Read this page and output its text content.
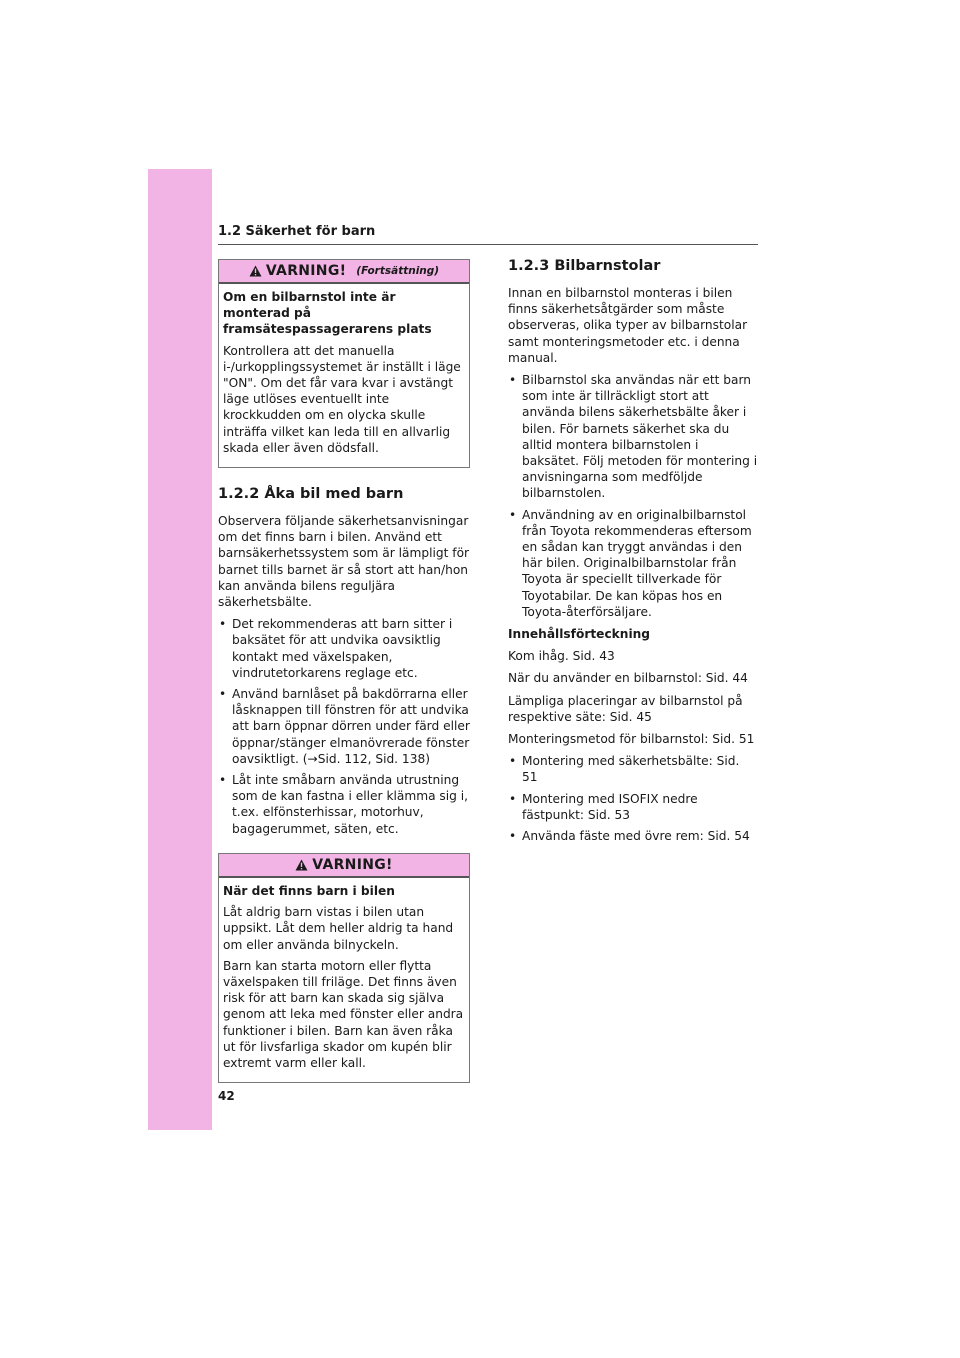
1.2 Säkerhet för barn
VARNING! (Fortsättning)

Om en bilbarnstol inte är monterad på framsätespassagerarens plats

Kontrollera att det manuella i-/urkopplingssystemet är inställt i läge "ON". Om det får vara kvar i avstängt läge utlöses eventuellt inte krockkudden om en olycka skulle inträffa vilket kan leda till en allvarlig skada eller även dödsfall.

1.2.2 Åka bil med barn

Observera följande säkerhetsanvisningar om det finns barn i bilen. Använd ett barnsäkerhetssystem som är lämpligt för barnet tills barnet är så stort att han/hon kan använda bilens reguljära säkerhetsbälte.

• Det rekommenderas att barn sitter i baksätet för att undvika oavsiktlig kontakt med växelspaken, vindrutetorkarens reglage etc.
• Använd barnlåset på bakdörrarna eller låsknappen till fönstren för att undvika att barn öppnar dörren under färd eller öppnar/stänger elmanövrerade fönster oavsiktligt. (→Sid. 112, Sid. 138)
• Låt inte småbarn använda utrustning som de kan fastna i eller klämma sig i, t.ex. elfönsterhissar, motorhuv, bagagerummet, säten, etc.
VARNING!

När det finns barn i bilen

Låt aldrig barn vistas i bilen utan uppsikt. Låt dem heller aldrig ta hand om eller använda bilnyckeln.

Barn kan starta motorn eller flytta växelspaken till friläge. Det finns även risk för att barn kan skada sig själva genom att leka med fönster eller andra funktioner i bilen. Barn kan även råka ut för livsfarliga skador om kupén blir extremt varm eller kall.

1.2.3 Bilbarnstolar

Innan en bilbarnstol monteras i bilen finns säkerhetsåtgärder som måste observeras, olika typer av bilbarnstolar samt monteringsmetoder etc. i denna manual.

• Bilbarnstol ska användas när ett barn som inte är tillräckligt stort att använda bilens säkerhetsbälte åker i bilen. För barnets säkerhet ska du alltid montera bilbarnstolen i baksätet. Följ metoden för montering i anvisningarna som medföljde bilbarnstolen.
• Användning av en originalbilbarnstol från Toyota rekommenderas eftersom en sådan kan tryggt användas i den här bilen. Originalbilbarnstolar från Toyota är speciellt tillverkade för Toyotabilar. De kan köpas hos en Toyota-återförsäljare.

Innehållsförteckning

Kom ihåg. Sid. 43

När du använder en bilbarnstol: Sid. 44

Lämpliga placeringar av bilbarnstol på respektive säte: Sid. 45

Monteringsmetod för bilbarnstol: Sid. 51

• Montering med säkerhetsbälte: Sid. 51
• Montering med ISOFIX nedre fästpunkt: Sid. 53
• Använda fäste med övre rem: Sid. 54
42
